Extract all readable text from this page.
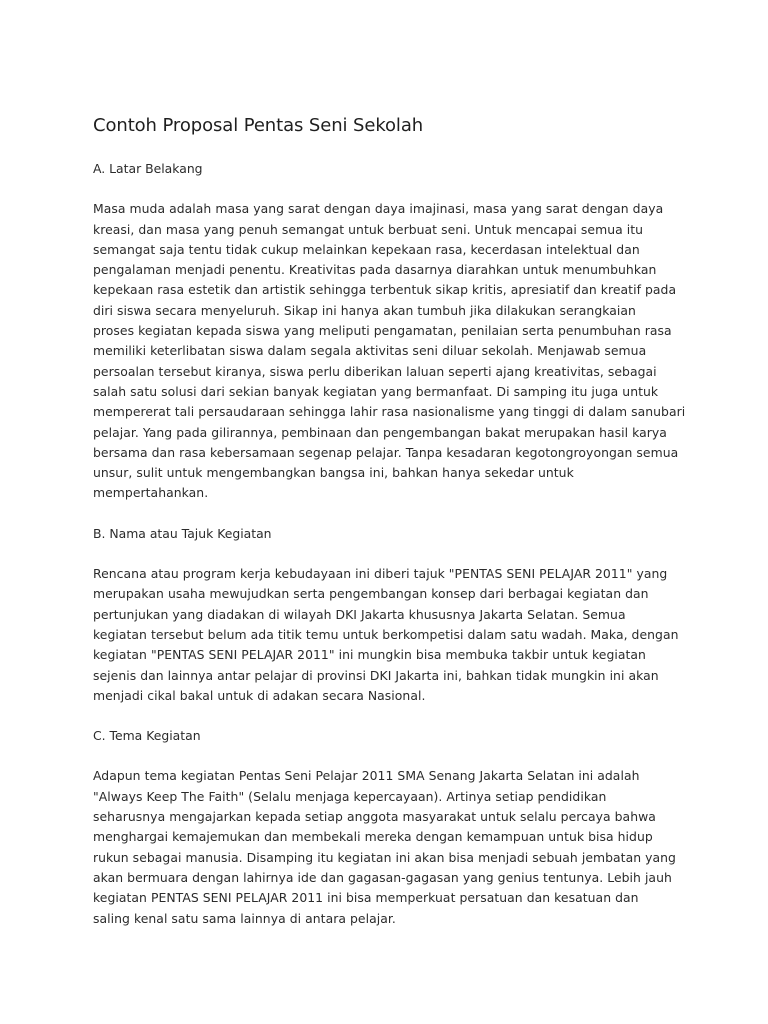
Contoh Proposal Pentas Seni Sekolah
A. Latar Belakang
Masa muda adalah masa yang sarat dengan daya imajinasi, masa yang sarat dengan daya
kreasi, dan masa yang penuh semangat untuk berbuat seni. Untuk mencapai semua itu
semangat saja tentu tidak cukup melainkan kepekaan rasa, kecerdasan intelektual dan
pengalaman menjadi penentu. Kreativitas pada dasarnya diarahkan untuk menumbuhkan
kepekaan rasa estetik dan artistik sehingga terbentuk sikap kritis, apresiatif dan kreatif pada
diri siswa secara menyeluruh. Sikap ini hanya akan tumbuh jika dilakukan serangkaian
proses kegiatan kepada siswa yang meliputi pengamatan, penilaian serta penumbuhan rasa
memiliki keterlibatan siswa dalam segala aktivitas seni diluar sekolah. Menjawab semua
persoalan tersebut kiranya, siswa perlu diberikan laluan seperti ajang kreativitas, sebagai
salah satu solusi dari sekian banyak kegiatan yang bermanfaat. Di samping itu juga untuk
mempererat tali persaudaraan sehingga lahir rasa nasionalisme yang tinggi di dalam sanubari
pelajar. Yang pada gilirannya, pembinaan dan pengembangan bakat merupakan hasil karya
bersama dan rasa kebersamaan segenap pelajar. Tanpa kesadaran kegotongroyongan semua
unsur, sulit untuk mengembangkan bangsa ini, bahkan hanya sekedar untuk
mempertahankan.
B. Nama atau Tajuk Kegiatan
Rencana atau program kerja kebudayaan ini diberi tajuk "PENTAS SENI PELAJAR 2011" yang
merupakan usaha mewujudkan serta pengembangan konsep dari berbagai kegiatan dan
pertunjukan yang diadakan di wilayah DKI Jakarta khususnya Jakarta Selatan. Semua
kegiatan tersebut belum ada titik temu untuk berkompetisi dalam satu wadah. Maka, dengan
kegiatan "PENTAS SENI PELAJAR 2011" ini mungkin bisa membuka takbir untuk kegiatan
sejenis dan lainnya antar pelajar di provinsi DKI Jakarta ini, bahkan tidak mungkin ini akan
menjadi cikal bakal untuk di adakan secara Nasional.
C. Tema Kegiatan
Adapun tema kegiatan Pentas Seni Pelajar 2011 SMA Senang Jakarta Selatan ini adalah
"Always Keep The Faith" (Selalu menjaga kepercayaan). Artinya setiap pendidikan
seharusnya mengajarkan kepada setiap anggota masyarakat untuk selalu percaya bahwa
menghargai kemajemukan dan membekali mereka dengan kemampuan untuk bisa hidup
rukun sebagai manusia. Disamping itu kegiatan ini akan bisa menjadi sebuah jembatan yang
akan bermuara dengan lahirnya ide dan gagasan-gagasan yang genius tentunya. Lebih jauh
kegiatan PENTAS SENI PELAJAR 2011 ini bisa memperkuat persatuan dan kesatuan dan
saling kenal satu sama lainnya di antara pelajar.
